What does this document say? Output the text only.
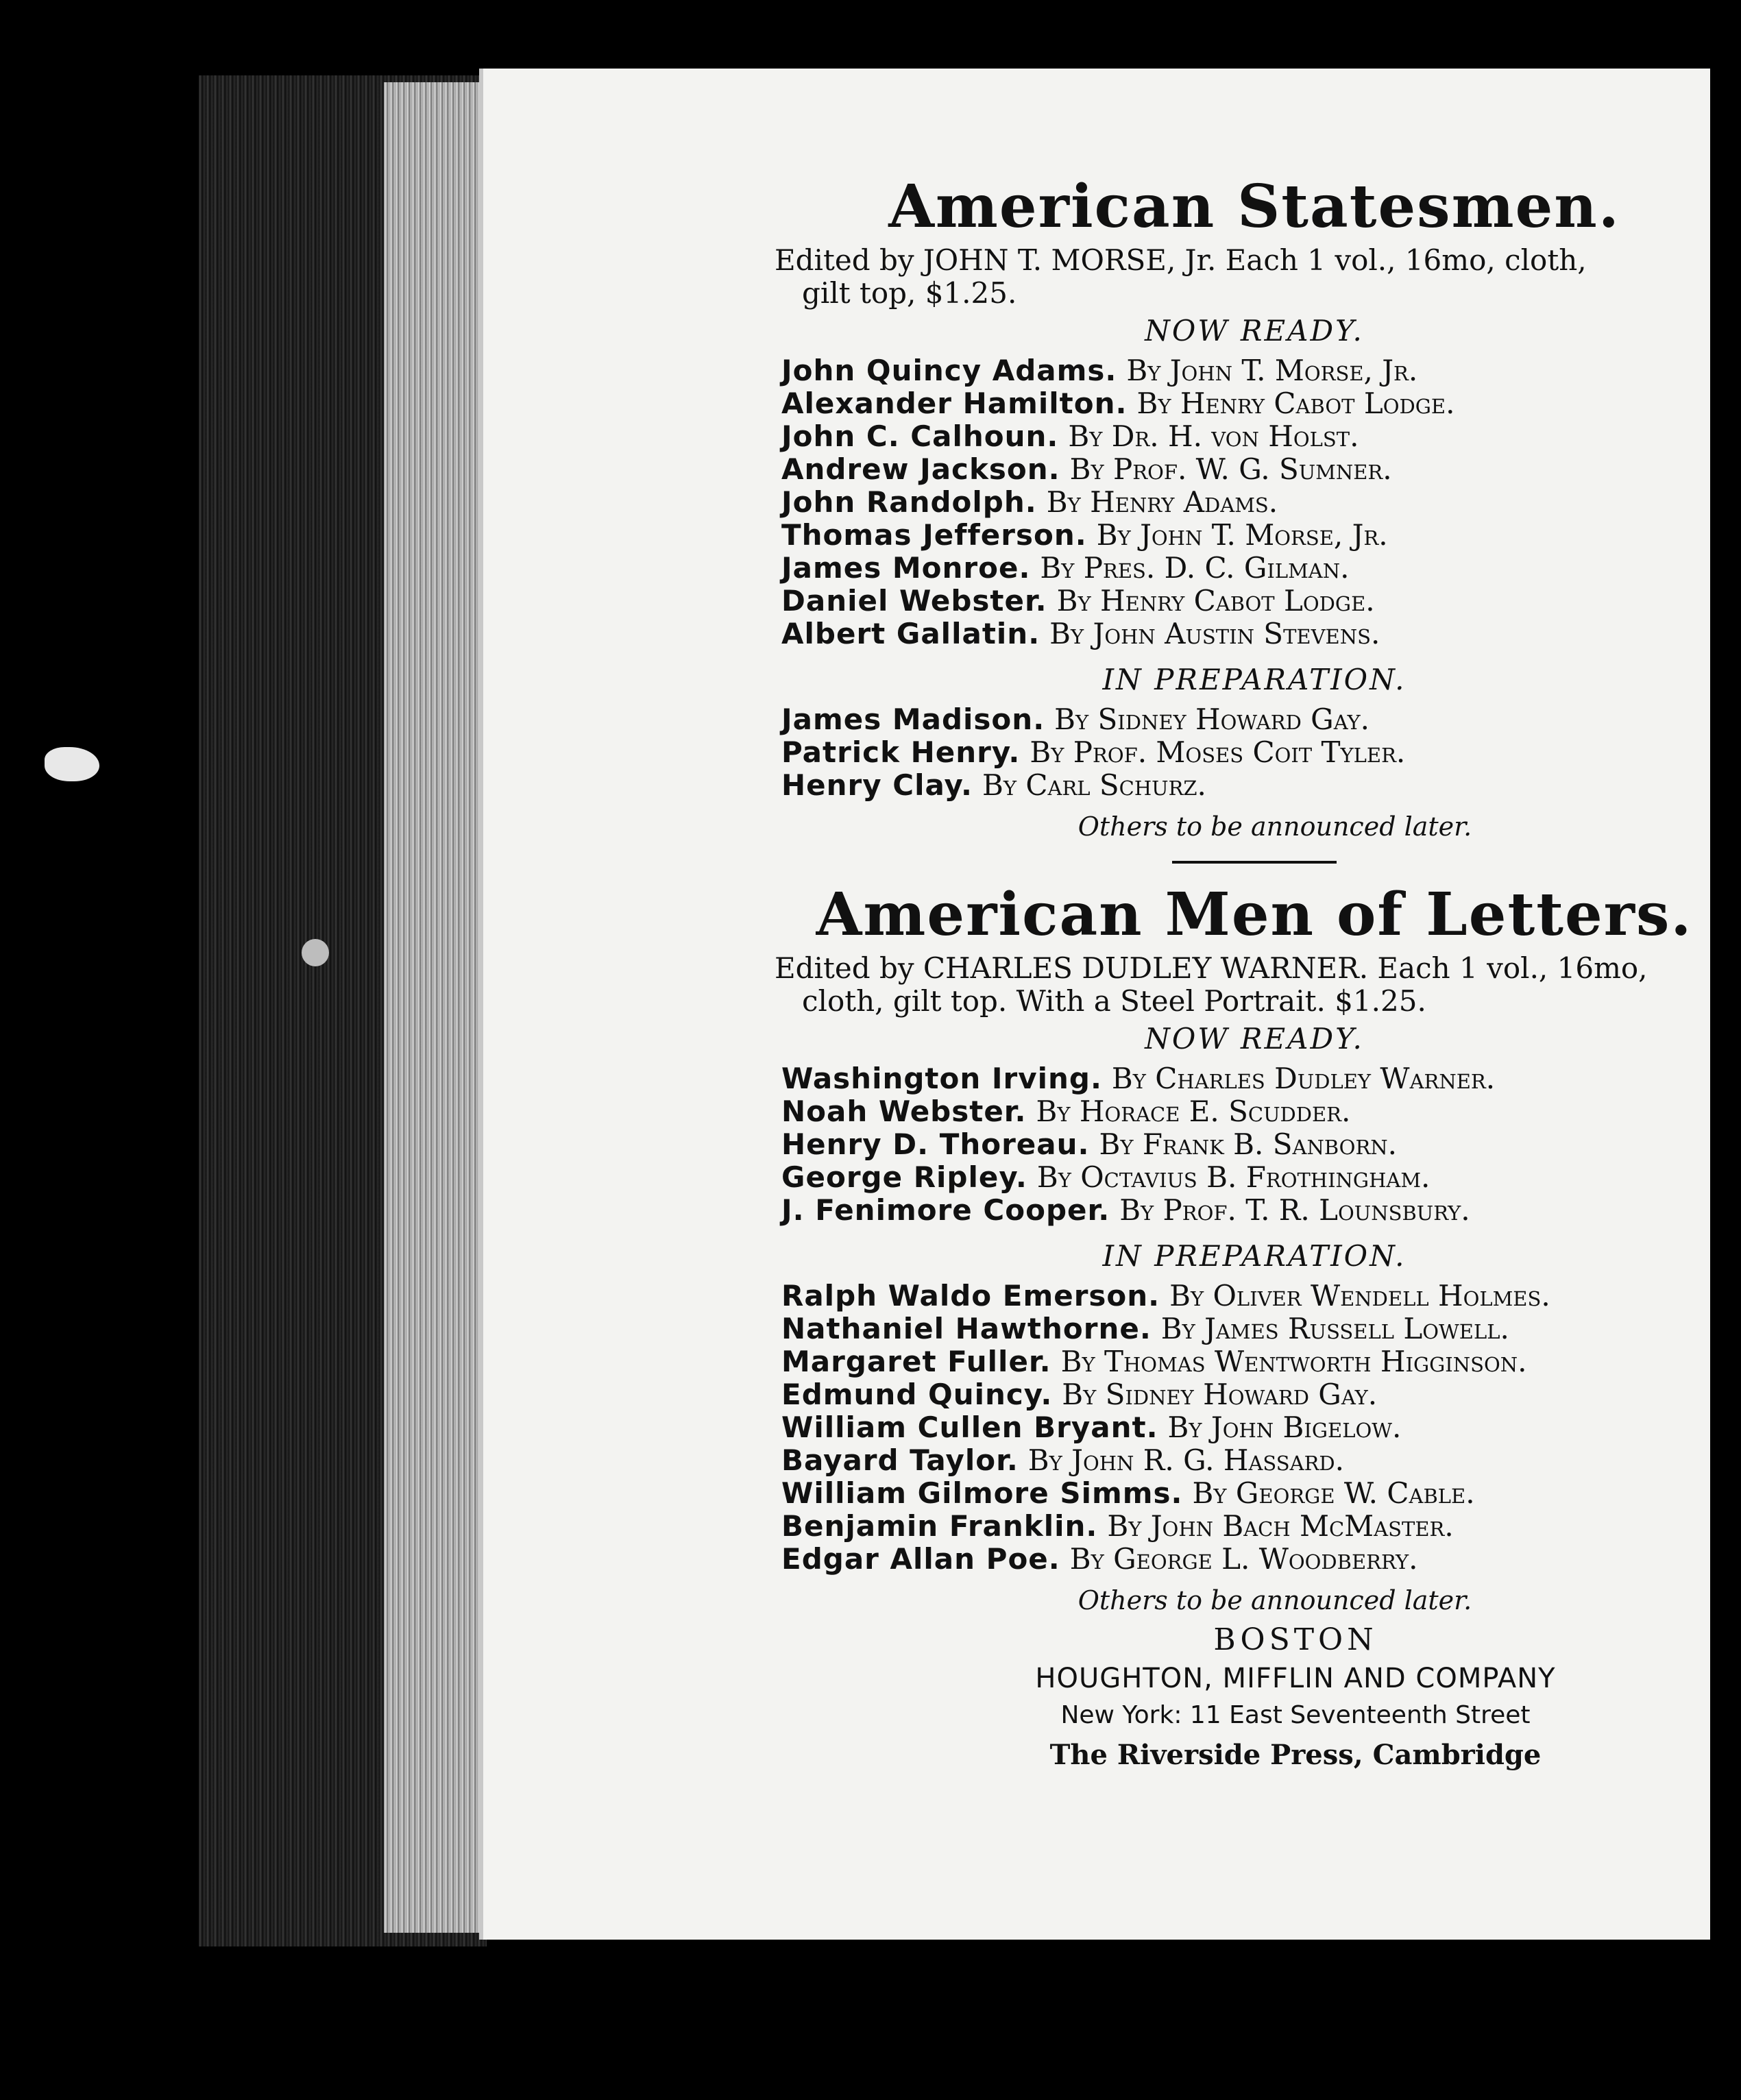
American Statesmen.

Edited by JOHN T. MORSE, Jr. Each 1 vol., 16mo, cloth,
gilt top, $1.25.

NOW READY.
John Quincy Adams. By John T. Morse, Jr.
Alexander Hamilton. By Henry Cabot Lodge.
John C. Calhoun. By Dr. H. von Holst.
Andrew Jackson. By Prof. W. G. Sumner.
John Randolph. By Henry Adams.
Thomas Jefferson. By John T. Morse, Jr.
James Monroe. By Pres. D. C. Gilman.
Daniel Webster. By Henry Cabot Lodge.
Albert Gallatin. By John Austin Stevens.
IN PREPARATION.
James Madison. By Sidney Howard Gay.
Patrick Henry. By Prof. Moses Coit Tyler.
Henry Clay. By Carl Schurz.
Others to be announced later.
American Men of Letters.

Edited by CHARLES DUDLEY WARNER. Each 1 vol., 16mo,
cloth, gilt top. With a Steel Portrait. $1.25.

NOW READY.
Washington Irving. By Charles Dudley Warner.
Noah Webster. By Horace E. Scudder.
Henry D. Thoreau. By Frank B. Sanborn.
George Ripley. By Octavius B. Frothingham.
J. Fenimore Cooper. By Prof. T. R. Lounsbury.
IN PREPARATION.
Ralph Waldo Emerson. By Oliver Wendell Holmes.
Nathaniel Hawthorne. By James Russell Lowell.
Margaret Fuller. By Thomas Wentworth Higginson.
Edmund Quincy. By Sidney Howard Gay.
William Cullen Bryant. By John Bigelow.
Bayard Taylor. By John R. G. Hassard.
William Gilmore Simms. By George W. Cable.
Benjamin Franklin. By John Bach McMaster.
Edgar Allan Poe. By George L. Woodberry.
Others to be announced later.
BOSTON
HOUGHTON, MIFFLIN AND COMPANY
New York: 11 East Seventeenth Street
The Riverside Press, Cambridge
